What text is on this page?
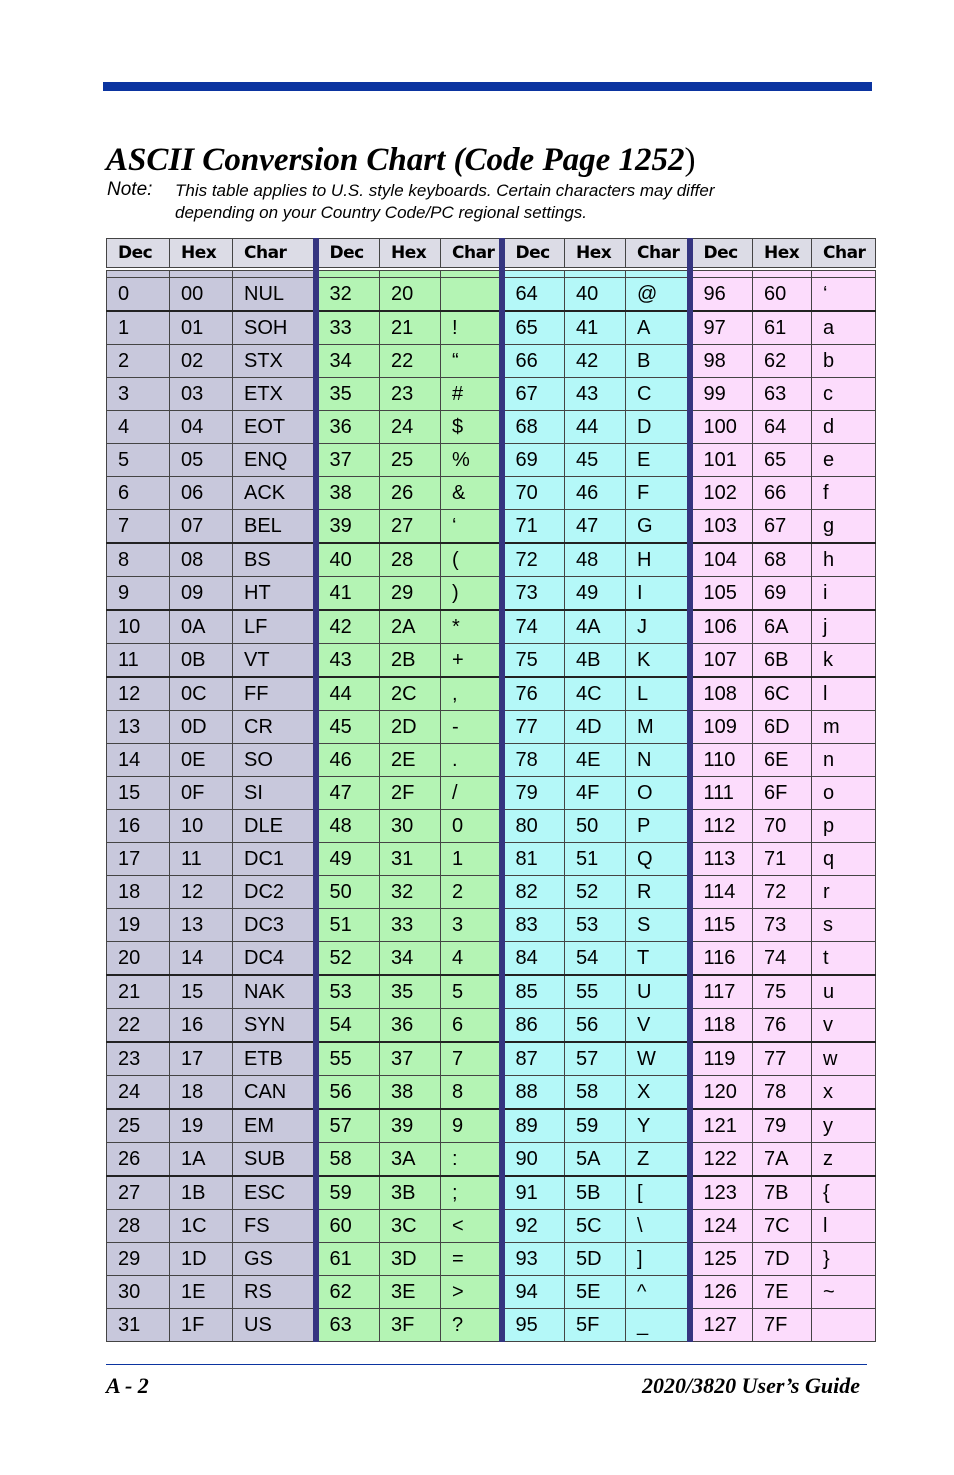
ASCII Conversion Chart (Code Page 1252)
Note: This table applies to U.S. style keyboards. Certain characters may differ
depending on your Country Code/PC regional settings.
Dec	Hex	Char	Dec	Hex	Char	Dec	Hex	Char	Dec	Hex	Char

0	00	NUL	32	20		64	40	@	96	60	‘
1	01	SOH	33	21	!	65	41	A	97	61	a
2	02	STX	34	22	“	66	42	B	98	62	b
3	03	ETX	35	23	#	67	43	C	99	63	c
4	04	EOT	36	24	$	68	44	D	100	64	d
5	05	ENQ	37	25	%	69	45	E	101	65	e
6	06	ACK	38	26	&	70	46	F	102	66	f
7	07	BEL	39	27	‘	71	47	G	103	67	g
8	08	BS	40	28	(	72	48	H	104	68	h
9	09	HT	41	29	)	73	49	I	105	69	i
10	0A	LF	42	2A	*	74	4A	J	106	6A	j
11	0B	VT	43	2B	+	75	4B	K	107	6B	k
12	0C	FF	44	2C	,	76	4C	L	108	6C	l
13	0D	CR	45	2D	-	77	4D	M	109	6D	m
14	0E	SO	46	2E	.	78	4E	N	110	6E	n
15	0F	SI	47	2F	/	79	4F	O	111	6F	o
16	10	DLE	48	30	0	80	50	P	112	70	p
17	11	DC1	49	31	1	81	51	Q	113	71	q
18	12	DC2	50	32	2	82	52	R	114	72	r
19	13	DC3	51	33	3	83	53	S	115	73	s
20	14	DC4	52	34	4	84	54	T	116	74	t
21	15	NAK	53	35	5	85	55	U	117	75	u
22	16	SYN	54	36	6	86	56	V	118	76	v
23	17	ETB	55	37	7	87	57	W	119	77	w
24	18	CAN	56	38	8	88	58	X	120	78	x
25	19	EM	57	39	9	89	59	Y	121	79	y
26	1A	SUB	58	3A	:	90	5A	Z	122	7A	z
27	1B	ESC	59	3B	;	91	5B	[	123	7B	{
28	1C	FS	60	3C	<	92	5C	\	124	7C	l
29	1D	GS	61	3D	=	93	5D	]	125	7D	}
30	1E	RS	62	3E	>	94	5E	^	126	7E	~
31	1F	US	63	3F	?	95	5F	_	127	7F	
A - 2	2020/3820 User’s Guide
